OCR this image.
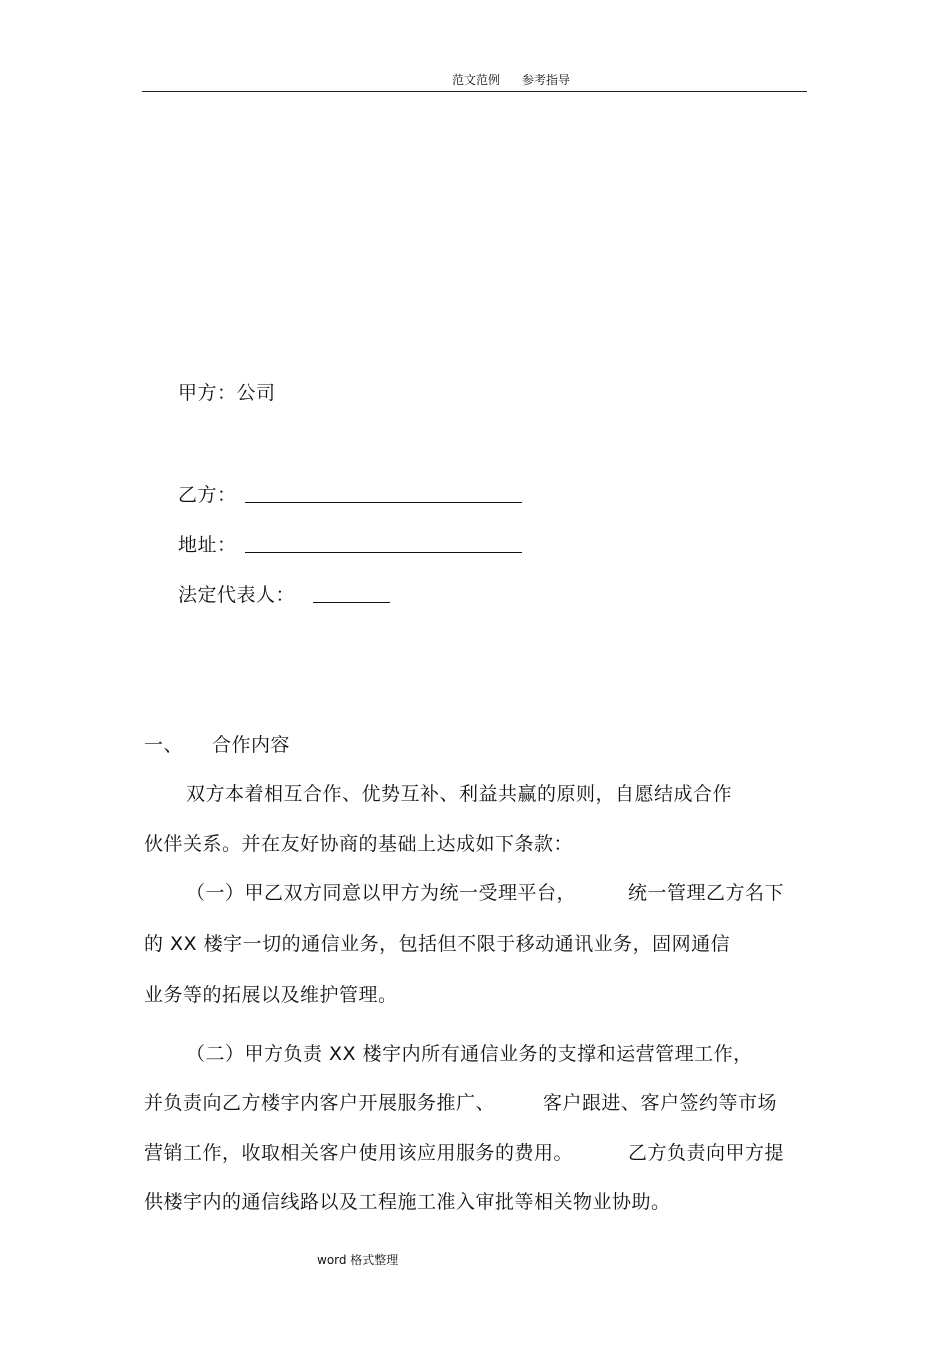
范文范例 参考指导
甲方：公司
乙方：
地址：
法定代表人：
一、 合作内容
双方本着相互合作、优势互补、利益共赢的原则，自愿结成合作
伙伴关系。并在友好协商的基础上达成如下条款：
（一）甲乙双方同意以甲方为统一受理平台，	统一管理乙方名下
的 XX 楼宇一切的通信业务，包括但不限于移动通讯业务，固网通信
业务等的拓展以及维护管理。
（二）甲方负责 XX 楼宇内所有通信业务的支撑和运营管理工作，
并负责向乙方楼宇内客户开展服务推广、	客户跟进、客户签约等市场
营销工作，收取相关客户使用该应用服务的费用。	乙方负责向甲方提
供楼宇内的通信线路以及工程施工准入审批等相关物业协助。
word 格式整理
